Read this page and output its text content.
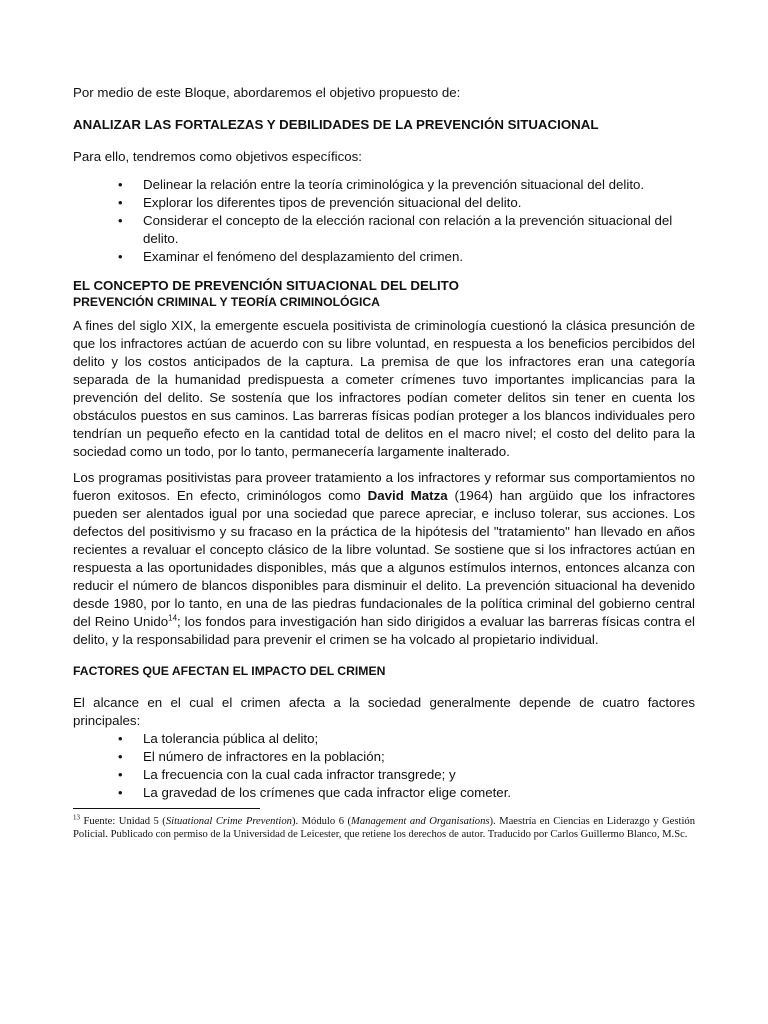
Por medio de este Bloque, abordaremos el objetivo propuesto de:

ANALIZAR LAS FORTALEZAS Y DEBILIDADES DE LA PREVENCIÓN SITUACIONAL

Para ello, tendremos como objetivos específicos:

• Delinear la relación entre la teoría criminológica y la prevención situacional del delito.
• Explorar los diferentes tipos de prevención situacional del delito.
• Considerar el concepto de la elección racional con relación a la prevención situacional del delito.
• Examinar el fenómeno del desplazamiento del crimen.

EL CONCEPTO DE PREVENCIÓN SITUACIONAL DEL DELITO

PREVENCIÓN CRIMINAL Y TEORÍA CRIMINOLÓGICA

A fines del siglo XIX, la emergente escuela positivista de criminología cuestionó la clásica presunción de que los infractores actúan de acuerdo con su libre voluntad, en respuesta a los beneficios percibidos del delito y los costos anticipados de la captura. La premisa de que los infractores eran una categoría separada de la humanidad predispuesta a cometer crímenes tuvo importantes implicancias para la prevención del delito. Se sostenía que los infractores podían cometer delitos sin tener en cuenta los obstáculos puestos en sus caminos. Las barreras físicas podían proteger a los blancos individuales pero tendrían un pequeño efecto en la cantidad total de delitos en el macro nivel; el costo del delito para la sociedad como un todo, por lo tanto, permanecería largamente inalterado.

Los programas positivistas para proveer tratamiento a los infractores y reformar sus comportamientos no fueron exitosos. En efecto, criminólogos como David Matza (1964) han argüido que los infractores pueden ser alentados igual por una sociedad que parece apreciar, e incluso tolerar, sus acciones. Los defectos del positivismo y su fracaso en la práctica de la hipótesis del "tratamiento" han llevado en años recientes a revaluar el concepto clásico de la libre voluntad. Se sostiene que si los infractores actúan en respuesta a las oportunidades disponibles, más que a algunos estímulos internos, entonces alcanza con reducir el número de blancos disponibles para disminuir el delito. La prevención situacional ha devenido desde 1980, por lo tanto, en una de las piedras fundacionales de la política criminal del gobierno central del Reino Unido$^{14}$; los fondos para investigación han sido dirigidos a evaluar las barreras físicas contra el delito, y la responsabilidad para prevenir el crimen se ha volcado al propietario individual.

FACTORES QUE AFECTAN EL IMPACTO DEL CRIMEN

El alcance en el cual el crimen afecta a la sociedad generalmente depende de cuatro factores principales:

• La tolerancia pública al delito;
• El número de infractores en la población;
• La frecuencia con la cual cada infractor transgrede; y
• La gravedad de los crímenes que cada infractor elige cometer.

$^{13}$ Fuente: Unidad 5 (Situational Crime Prevention). Módulo 6 (Management and Organisations). Maestría en Ciencias en Liderazgo y Gestión Policial. Publicado con permiso de la Universidad de Leicester, que retiene los derechos de autor. Traducido por Carlos Guillermo Blanco, M.Sc.
